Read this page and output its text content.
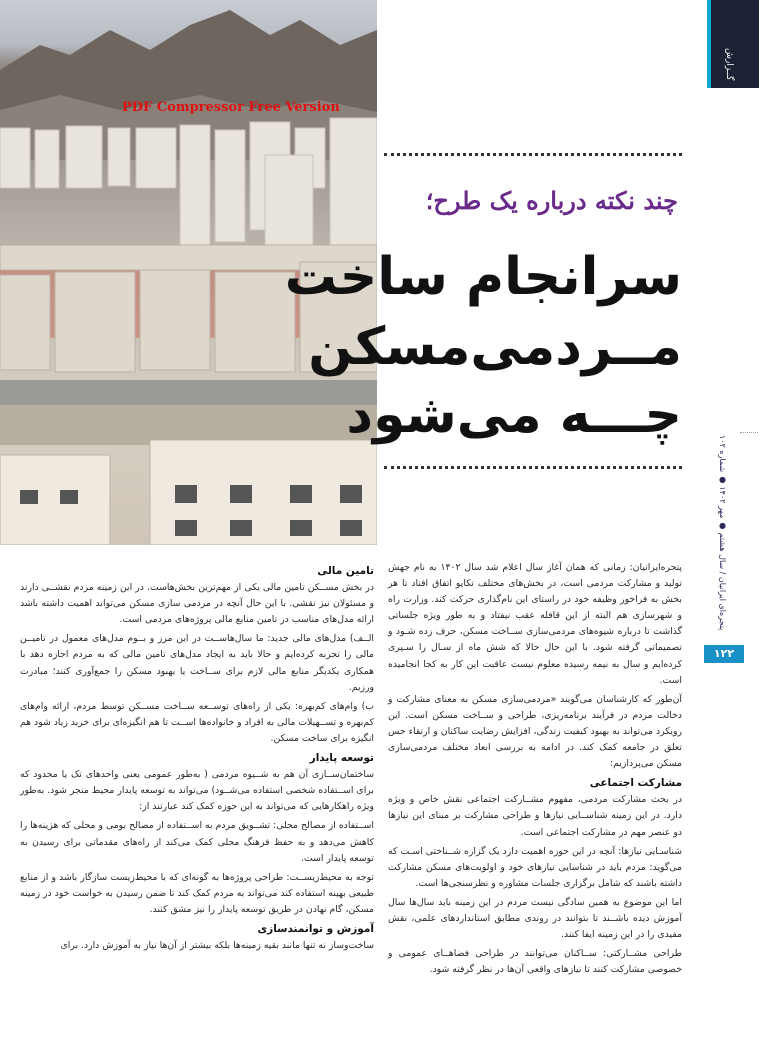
PDF Compressor Free Version
گــزارش
پنجره‌ای ایرانیان / سال هشتم ● مهر ۱۴۰۲ ● شماره ۱۰۲
۱۲۲
چند نکته درباره یک طرح؛
سرانجام ساخت
مــردمی‌مسکن
چـــه می‌شود

پنجره‌ایرانیان: زمانی که همان آغاز سال اعلام شد سال ۱۴۰۲ به نام جهش تولید و مشارکت مردمی است، در بخش‌های مختلف تکاپو اتفاق افتاد تا هر بخش به فراخور وظیفه خود در راستای این نام‌گذاری حرکت کند. وزارت راه و شهرسازی هم البته از این قافله عقب نیفتاد و به طور ویژه جلساتی گذاشت تا درباره شیوه‌های مردمی‌سازی ســاخت مسکن، حرف زده شـود و تصمیماتی گرفته شود. با این حال حالا که شش ماه از سـال را سـپری کرده‌ایم و سال به نیمه رسیده معلوم نیست عاقبت این کار به کجا انجامیده است.

آن‌طور که کارشناسان می‌گویند «مردمی‌سازی مسکن به معنای مشارکت و دخالت مردم در فرآیند برنامه‌ریزی، طراحی و ســاخت مسکن است. این رویکرد می‌تواند به بهبود کیفیت زندگی، افزایش رضایت ساکنان و ارتقاء حس تعلق در جامعه کمک کند. در ادامه به بررسی ابعاد مختلف مردمی‌سازی مسکن می‌پردازیم:

مشارکت اجتماعی

در بحث مشارکت مردمی، مفهوم مشــارکت اجتماعی نقش خاص و ویژه دارد. در این زمینه شناســایی نیازها و طراحی مشارکت بر مبنای این نیازها دو عنصر مهم در مشارکت اجتماعی است.

شناسـایی نیازها: آنچه در این حوزه اهمیت دارد یک گزاره شــناختی اسـت که می‌گوید: مردم باید در شناسایی نیازهای خود و اولویت‌های مسکن مشارکت داشته باشند که شامل برگزاری جلسات مشاوره و نظرسنجی‌ها است.

اما این موضوع به همین سادگی نیست مردم در این زمینه باید سال‌ها سال آموزش دیده باشــند تا بتوانند در روندی مطابق استانداردهای علمی، نقش مفیدی را در این زمینه ایفا کنند.

طراحی مشــارکتی: ســاکنان می‌توانند در طراحی فضاهــای عمومی و خصوصی مشارکت کنند تا نیازهای واقعی آن‌ها در نظر گرفته شود.

تامین مالی

در بخش مســکن تامین مالی یکی از مهم‌ترین بخش‌هاست. در این زمینه مردم نقشــی دارند و مسئولان نیز نقشی. با این حال آنچه در مردمی سازی مسکن می‌تواند اهمیت داشته باشد ارائه مدل‌های مناسب در تامین منابع مالی پروژه‌های مردمی است.

الــف) مدل‌های مالی جدید: ما سال‌هاســت در این مرز و بــوم مدل‌های معمول در تامیــن مالی را تجربه کرده‌ایم و حالا باید به ایجاد مدل‌های تامین مالی که به مردم اجازه دهد با همکاری یکدیگر منابع مالی لازم برای ســاخت یا بهبود مسکن را جمع‌آوری کنند؛ مبادرت ورزیم.

ب) وام‌های کم‌بهره: یکی از راه‌های توســعه ســاخت مســکن توسط مردم، ارائه وام‌های کم‌بهره و تســهیلات مالی به افراد و خانواده‌ها اســت تا هم انگیزه‌ای برای خرید زیاد شود هم انگیزه برای ساخت مسکن.

توسعه پایدار

ساختمان‌ســازی آن هم به شــیوه مردمی ( به‌طور عمومی یعنی واحدهای تک یا محدود که برای اســتفاده شخصی استفاده می‌شــود) می‌تواند به توسعه پایدار محیط منجر شود. به‌طور ویژه راهکارهایی که می‌تواند به این حوزه کمک کند عبارتند از:

اســتفاده از مصالح محلی: تشــویق مردم به اســتفاده از مصالح بومی و محلی که هزینه‌ها را کاهش می‌دهد و به حفظ فرهنگ محلی کمک می‌کند از راه‌های مقدماتی برای رسیدن به توسعه پایدار است.

توجه به محیط‌زیســت: طراحی پروژه‌ها به گونه‌ای که با محیط‌زیست سازگار باشد و از منابع طبیعی بهینه استفاده کند می‌تواند به مردم کمک کند تا ضمن رسیدن به خواست خود در زمینه مسکن، گام نهادن در طریق توسعه پایدار را نیز مشق کنند.

آموزش و توانمندسازی

ساخت‌وساز نه تنها مانند بقیه زمینه‌ها بلکه بیشتر از آن‌ها نیاز به آموزش دارد. برای
